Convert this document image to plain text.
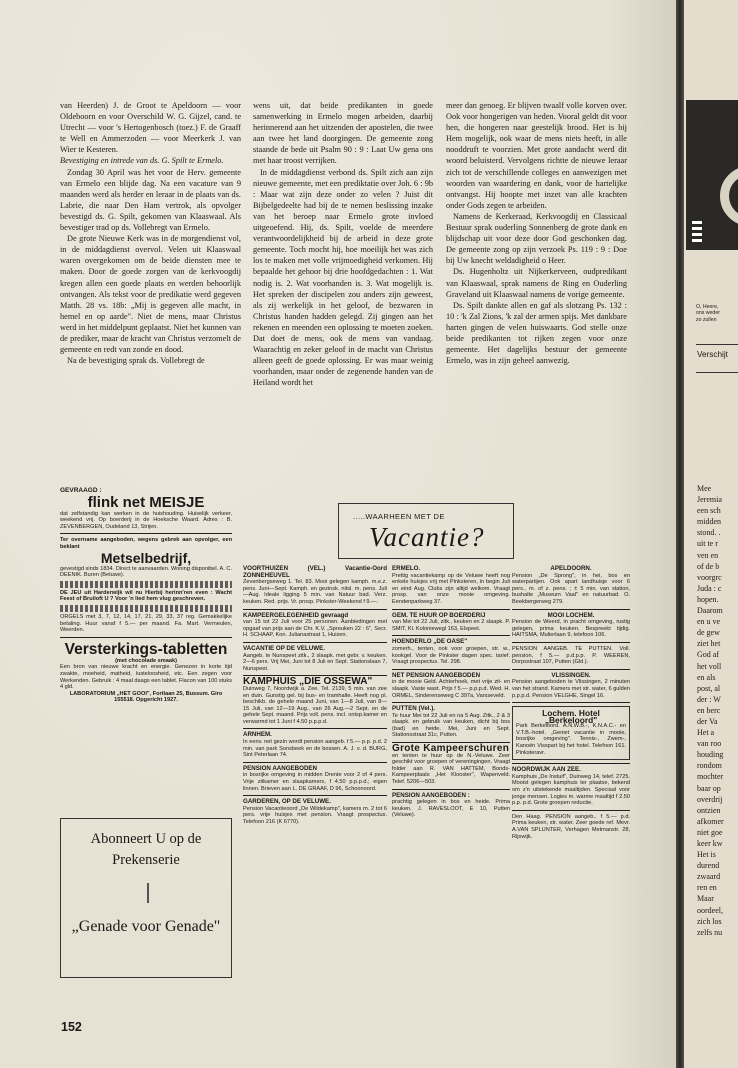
van Heerden) J. de Groot te Apeldoorn — voor Oldeboorn en voor Overschild W. G. Gijzel, cand. te Utrecht — voor 's Hertogenbosch (toez.) F. de Graaff te Well en Ammerzoden — voor Meerkerk J. van Wier te Kesteren.

Bevestiging en intrede van ds. G. Spilt te Ermelo.

Zondag 30 April was het voor de Herv. gemeente van Ermelo een blijde dag. Na een vacature van 9 maanden werd als herder en leraar in de plaats van ds. Labrie, die naar Den Ham vertrok, als opvolger bevestigd ds. G. Spilt, gekomen van Klaaswaal. Als bevestiger trad op ds. Vollebregt van Ermelo.

De grote Nieuwe Kerk was in de morgendienst vol, in de middagdienst overvol. Velen uit Klaaswaal waren overgekomen om de beide diensten mee te maken. Door de goede zorgen van de kerkvoogdij kregen allen een goede plaats en werden behoorlijk ontvangen. Als tekst voor de predikatie werd gegeven Matth. 28 vs. 18b: „Mij is gegeven alle macht, in hemel en op aarde". Niet de mens, maar Christus werd in het middelpunt geplaatst. Niet het kunnen van de prediker, maar de kracht van Christus verzomelt de gemeente en redt van zonde en dood.

Na de bevestiging sprak ds. Vollebregt de

wens uit, dat beide predikanten in goede samenwerking in Ermelo mogen arbeiden, daarbij herinnerend aan het uitzenden der apostelen, die twee aan twee het land doorgingen. De gemeente zong staande de bede uit Psalm 90 : 9 : Laat Uw gena ons met haar troost verrijken.

In de middagdienst verbond ds. Spilt zich aan zijn nieuwe gemeente, met een prediktatie over Joh. 6 : 9b : Maar wat zijn deze onder zo velen ? Juist dit Bijbelgedeelte had bij de te nemen beslissing inzake van het beroep naar Ermelo grote invloed uitgeoefend. Hij, ds. Spilt, voelde de meerdere verantwoordelijkheid bij de arbeid in deze grote gemeente. Toch mocht hij, hoe moeilijk het was zich los te maken met volle vrijmoedigheid verkomen. Hij bepaalde het gehoor bij drie hoofdgedachten : 1. Wat nodig is. 2. Wat voorhanden is. 3. Wat mogelijk is. Het spreken der discipelen zou anders zijn geweest, als zij werkelijk in het geloof, de bezwaren in Christus handen hadden gelegd. Zij gingen aan het rekenen en meenden een oplossing te moeten zoeken. Dat doet de mens, ook de mens van vandaag. Waarachtig en zeker geloof in de macht van Christus alleen geeft de goede oplossing. Er was maar weinig voorhanden, maar onder de zegenende handen van de Heiland wordt het

meer dan genoeg. Er blijven twaalf volle korven over. Ook voor hongerigen van heden. Vooral geldt dit voor hen, die hongeren naar geestelijk brood. Het is bij Hem mogelijk, ook waar de mens niets heeft, in alle nooddruft te voorzien. Met grote aandacht werd dit woord beluisterd. Vervolgens richtte de nieuwe leraar zich tot de verschillende colleges en aanwezigen met woorden van waardering en dank, voor de hartelijke ontvangst. Hij hoopte met inzet van alle krachten onder Gods zegen te arbeiden.

Namens de Kerkeraad, Kerkvoogdij en Classicaal Bestuur sprak ouderling Sonnenberg de grote dank en blijdschap uit voor deze door God geschonken dag. De gemeente zong op zijn verzoek Ps. 119 : 9 : Doe bij Uw knecht weldadigheid o Heer.

Ds. Hugenholtz uit Nijkerkerveen, oudpredikant van Klaaswaal, sprak namens de Ring en Ouderling Graveland uit Klaaswaal namens de vorige gemeente.

Ds. Spilt dankte allen en gaf als slotzang Ps. 132 : 10 : 'k Zal Zions, 'k zal der armen spijs. Met dankbare harten gingen de velen huiswaarts. God stelle onze beide predikanten tot rijken zegen voor onze gemeente. Het dagelijks bestuur der gemeente Ermelo, was in zijn geheel aanwezig.

GEVRAAGD :
flink net MEISJE
dat zelfstandig kan werken in de huishouding. Huiselijk verkeer, weekend vrij. Op boerderij in de Hoeksche Waard. Adres : B. ZEVENBERGEN, Oudeland 13, Strijen.
Ter overname aangeboden, wegens gebrek aan opvolger, een beklant
Metselbedrijf,
gevestigd sinds 1834. Direct te aanvaarden. Woning disponibel. A. C. DEENIK. Buren (Betuwe).
DE JEU uit Harderwijk wil nu Hierbij herinn'ren even : Wacht Feest of Bruiloft U ? Voor 'n lied hem vlug geschreven.
ORGELS met 3, 7, 12, 14, 17, 21, 29, 33, 37 reg. Gemakkelijke betaling. Huur vanaf f 5.— per maand. Fa. Mart. Vermeulen, Weerden.
Versterkings-tabletten
(met chocolade smaak)
Een bron van nieuwe kracht en energie. Genezen in korte tijd zwakte, moeheid, matheid, lusteloosheid, etc. Een zegen voor Werkenden. Gebruik : 4 maal daags een tablet. Flacon van 100 stuks 4 gld.
LABORATORIUM „HET GOOI", Fortlaan 25, Bussum. Giro 155518. Opgericht 1927.
Abonneert U op de Prekenserie
„Genade voor Genade"
.....WAARHEEN MET DE
Vacantie?
VOORTHUIZEN (VEL.) Vacantie-Oord ZONNEHEUVEL
Zevenbergseweg 1. Tel. 83. Mooi gelegen kamph. m.e.z. pens. Juni—Sept. Kamph. en gezinsk. nitsl. m. pens. Juli—Aug. Ideale ligging 5 min. van Natuur bad. Verz. keuken. Red. prijs. Vr. prosp. Pinkster-Weekend f 9.—.
KAMPEERGELEGENHEID gevraagd
van 15 tot 22 Juli voor 25 personen. Aanbiedingen met opgaaf van prijs aan de Chr. K.V. „Spreuken 22 : 6", Secr. H. SCHAAP, Kon. Julianastraat 1, Huizen.
VACANTIE OP DE VELUWE.
Aangeb. te Nunspeet zitk., 2 slaapk. met gebr. v. keuken. 2—6 pers. Vrij Mei, Juni tot 8 Juli en Sept. Stationslaan 7, Nunspeet.
KAMPHUIS „DIE OSSEWA"
Duinweg 7, Noordwijk a. Zee. Tel. 2139, 5 min. van zee en duin. Gunstig gel. bij bus- en tramhalte. Heeft nog pl. beschikb. de gehele maand Juni, van 1—8 Juli, van 8—15 Juli, van 12—19 Aug., van 26 Aug.—2 Sept. en de gehele Sept. maand. Prijs voll. pens. incl. ontsp.kamer en verwarmd tot 1 Juni f 4.50 p.p.p.d.
ARNHEM.
In eenv. net gezin wordt pension aangeb. f 5.— p.p. p.d. 2 min. van park Sonsbeek en de bossen. A. J. v. d. BURG, Sint Peterlaan 74.
PENSION AANGEBODEN
in bosrijke omgeving in midden Drente voor 2 of 4 pers. Vrije zitkamer en slaapkamers, f 4.50 p.p.p.d.; eigen linnen. Brieven aan L. DE GRAAF, D 96, Schoonoord.
GARDEREN, OP DE VELUWE.
Pension Vacantieoord „De Wildekamp", kamers m. 2 tot 6 pers. vrije huisjes met pension. Vraagt prospectus. Telefoon 216 (K 6770).
ERMELO.
Prettig vacantiekamp op de Veluwe heeft nog enkele huisjes vrij met Pinksteren, in begin Juli en eind Aug. Clubs zijn altijd welkom. Vraagt prosp. van onze mooie omgeving. Eendenparkweg 37.
GEM. TE HUUR OP BOERDERIJ
van Mei tot 22 Juli, zitk., keuken en 2 slaapk. P. SMIT, Kl. Koloniewegl 163, Elspeet.
HOENDERLO „DE OASE"
zomerh., tenten, ook voor groepen, str. w., kookgel. Voor de Pinkster dagen spec. tarief. Vraagt prospectus. Tel. 298.
NET PENSION AANGEBODEN
in de mooie Geld. Achterhoek, met vrije zit- en slaapk. Vaste wast. Prijs f 5.— p.p.p.d. Wed. H. ORMEL, Sinderenseweg C 397a, Varsseveld.
PUTTEN (Vel.).
Te huur Mei tot 22 Juli en na 5 Aug. Zitk., 2 & 3 slaapk. en gebruik van keuken, dicht bij bos (bad) en heide. Mei, Juni en Sept. Stationsstraat 31c, Putten.
Grote Kampeerschuren
en tenten te huur op de N.-Veluwe. Zeer geschikt voor groepen of vereningingen. Vraagt folder aan R. VAN HATTEM, Bonds-Kampeerplaats „Het Klooster", Wapenveld. Telef. 5206—503.
PENSION AANGEBODEN :
prachtig gelegen in bos en heide. Prima keuken. J. RAVESLOOT, E 10, Putten (Veluwe).
APELDOORN.
Pension „De Sprong", in hei, bos en waterpartijen. Ook apart landhuisje voor 6 pers., m. of z. pens. ; ± 5 min. van station, bushalte „Museum Vaal" en natuurbad. O. Beekbergerweg 279.
MOOI LOCHEM.
Pension de Weerd, in pracht omgeving, rustig gelegen, prima keuken. Bespreekt tijdig. HAITSMA, Mulierlaan 9, telefoon 106.
PENSION AANGEB. TE PUTTEN. Voll. pension, f 5.— p.d.p.p. P. WEEREN, Dorpsstraat 107, Putten (Gld.).
VLISSINGEN.
Pension aangeboden te Vlissingen, 2 minuten van het strand. Kamers met str. water, 6 gulden p.p.p.d. Pension VELGHE, Singel 16.
Lochem. Hotel „Berkeloord"
Park Berkeloord. A.N.W.B.-, K.N.A.C.- en V.T.B.-hotel. „Geniet vacantie in mooie, bosrijke omgeving". Tennis-, Zwem-, Kanoën Visspart bij het hotel. Telefoon 161. Pinksteravr.
NOORDWIJK AAN ZEE.
Kamphuis „De Instuif", Duinweg 14, telef. 2725. Mooist gelegen kamphuis ter plaatse, bekend om z'n uitstekende maaltijden. Speciaal voor jonge mensen. Logies m. warme maaltijd f 2.50 p.p. p.d. Grote groepen reductie.
Den Haag. PENSION aangeb., f 5.— p.d. Prima keuken, str. water. Zeer goede ref. Mevr. A.VAN SPLUNTER, Verhagen Metmanstr. 28, Rijswijk.
152
O, Heere,
ons weder
zo zullen
Verschijt
Mee
Jeremia
een sch
midden
stond. .
uit te r
ven en
of de b
voorgrc
Juda : c
hopen.
Daarom
en u ve
de gew
ziet het
God af
het voll
en als
post, al
der : W
en berc
der Va
Het a
van roo
houding
rondom
mochter
baar op
overdrij
ontzien
afkomer
niet goe
keer kw
Het is
durend
zwaard
ren en
Maar
oordeel,
zich los
zelfs nu
